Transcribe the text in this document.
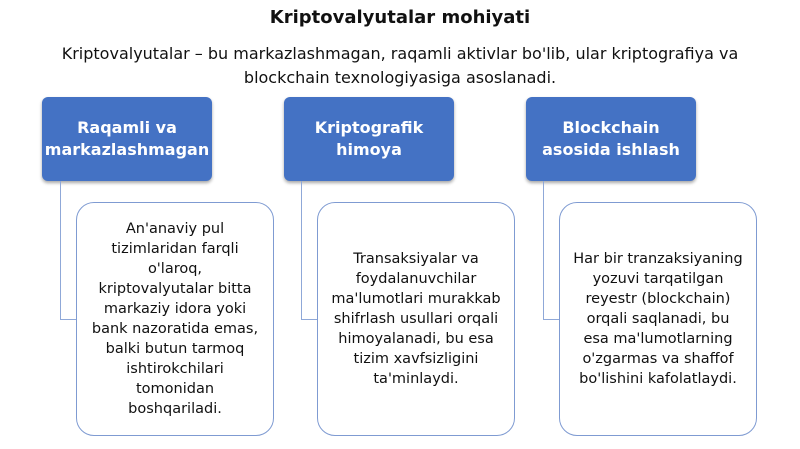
Kriptovalyutalar mohiyati
Kriptovalyutalar – bu markazlashmagan, raqamli aktivlar bo'lib, ular kriptografiya va blockchain texnologiyasiga asoslanadi.
Raqamli va markazlashmagan
An'anaviy pul tizimlaridan farqli o'laroq, kriptovalyutalar bitta markaziy idora yoki bank nazoratida emas, balki butun tarmoq ishtirokchilari tomonidan boshqariladi.
Kriptografik himoya
Transaksiyalar va foydalanuvchilar ma'lumotlari murakkab shifrlash usullari orqali himoyalanadi, bu esa tizim xavfsizligini ta'minlaydi.
Blockchain asosida ishlash
Har bir tranzaksiyaning yozuvi tarqatilgan reyestr (blockchain) orqali saqlanadi, bu esa ma'lumotlarning o'zgarmas va shaffof bo'lishini kafolatlaydi.
